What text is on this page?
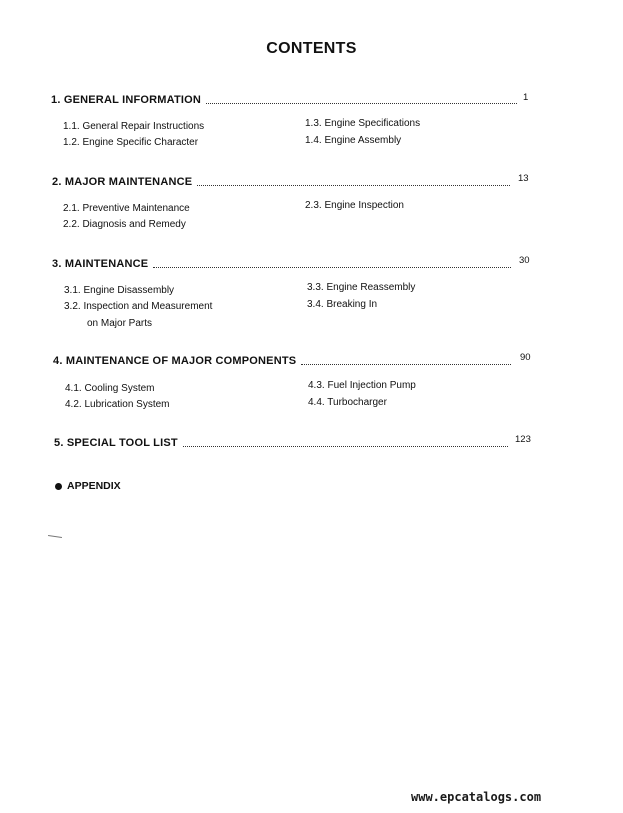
CONTENTS
1. GENERAL INFORMATION	1
1.1. General Repair Instructions
1.2. Engine Specific Character
1.3. Engine Specifications
1.4. Engine Assembly
2. MAJOR MAINTENANCE	13
2.1. Preventive Maintenance
2.2. Diagnosis and Remedy
2.3. Engine Inspection
3. MAINTENANCE	30
3.1. Engine Disassembly
3.2. Inspection and Measurement
on Major Parts
3.3. Engine Reassembly
3.4. Breaking In
4. MAINTENANCE OF MAJOR COMPONENTS	90
4.1. Cooling System
4.2. Lubrication System
4.3. Fuel Injection Pump
4.4. Turbocharger
5. SPECIAL TOOL LIST	123
APPENDIX
www.epcatalogs.com
